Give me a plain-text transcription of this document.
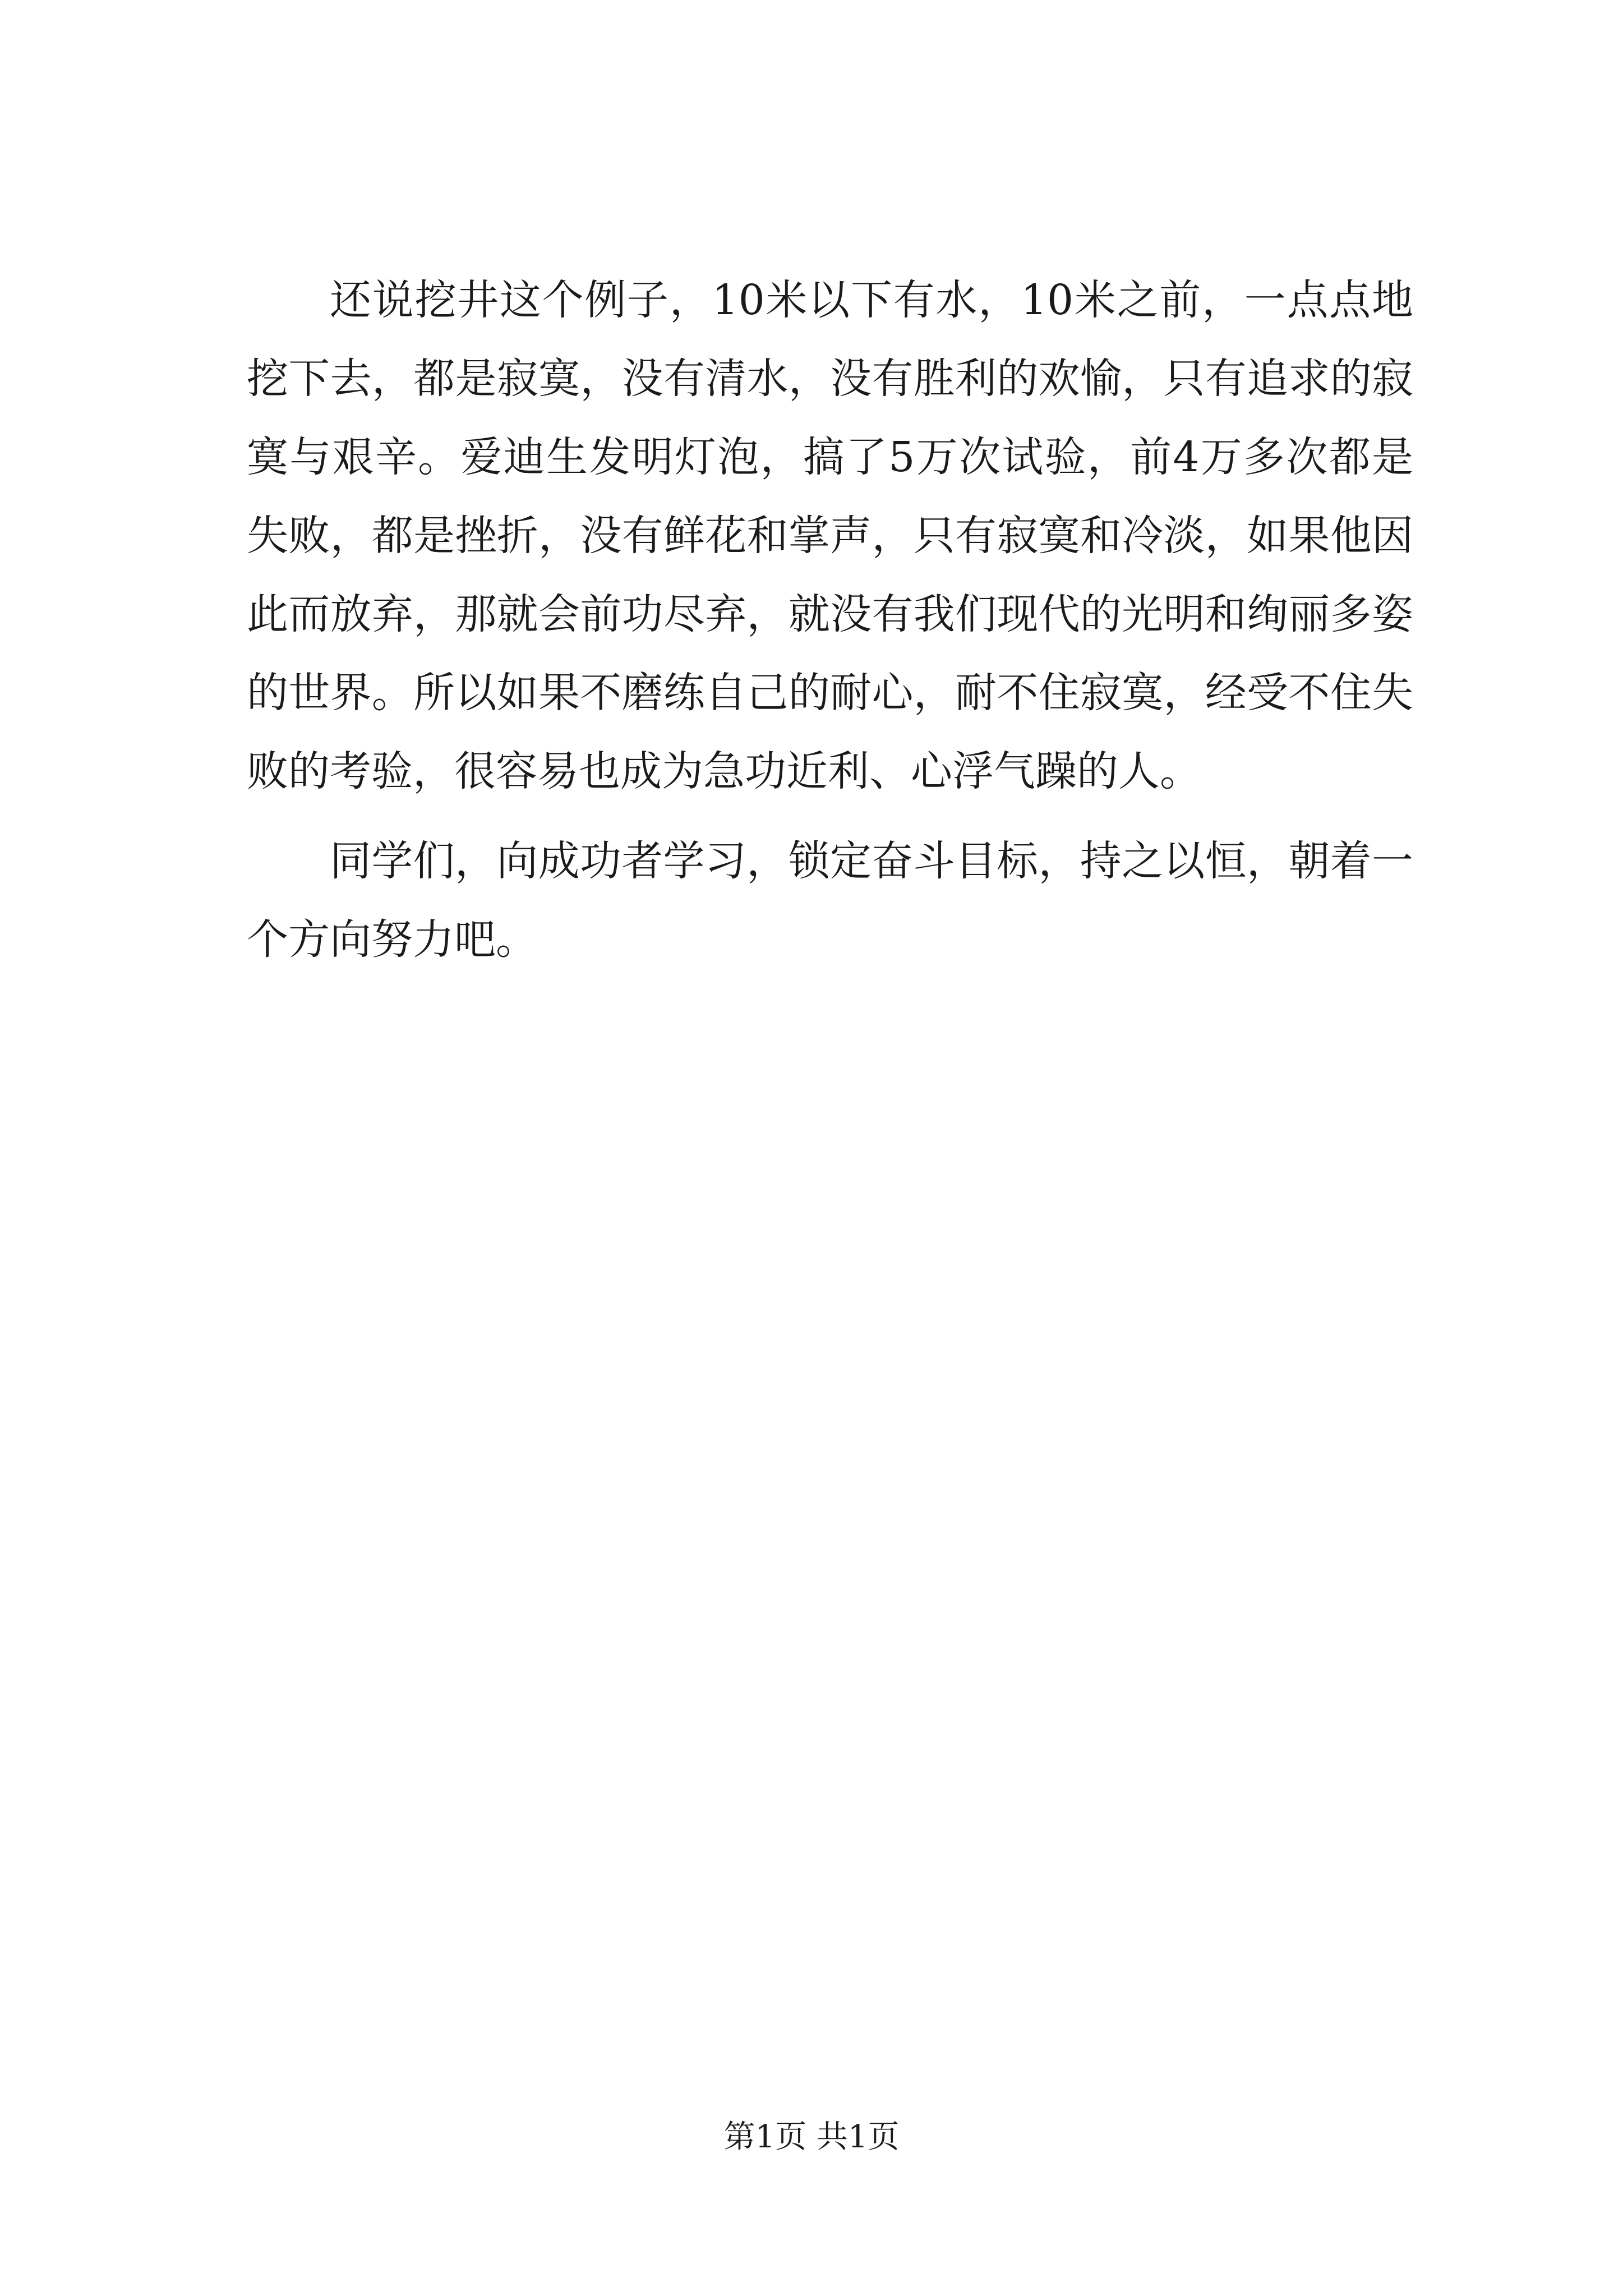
还说挖井这个例子，10米以下有水，10米之前，一点点地
挖下去，都是寂寞，没有清水，没有胜利的欢愉，只有追求的寂
寞与艰辛。爱迪生发明灯泡，搞了5万次试验，前4万多次都是
失败，都是挫折，没有鲜花和掌声，只有寂寞和冷淡，如果他因
此而放弃，那就会前功尽弃，就没有我们现代的光明和绚丽多姿
的世界。所以如果不磨练自己的耐心，耐不住寂寞，经受不住失
败的考验，很容易也成为急功近利、心浮气躁的人。
同学们，向成功者学习，锁定奋斗目标，持之以恒，朝着一
个方向努力吧。
第1页 共1页
